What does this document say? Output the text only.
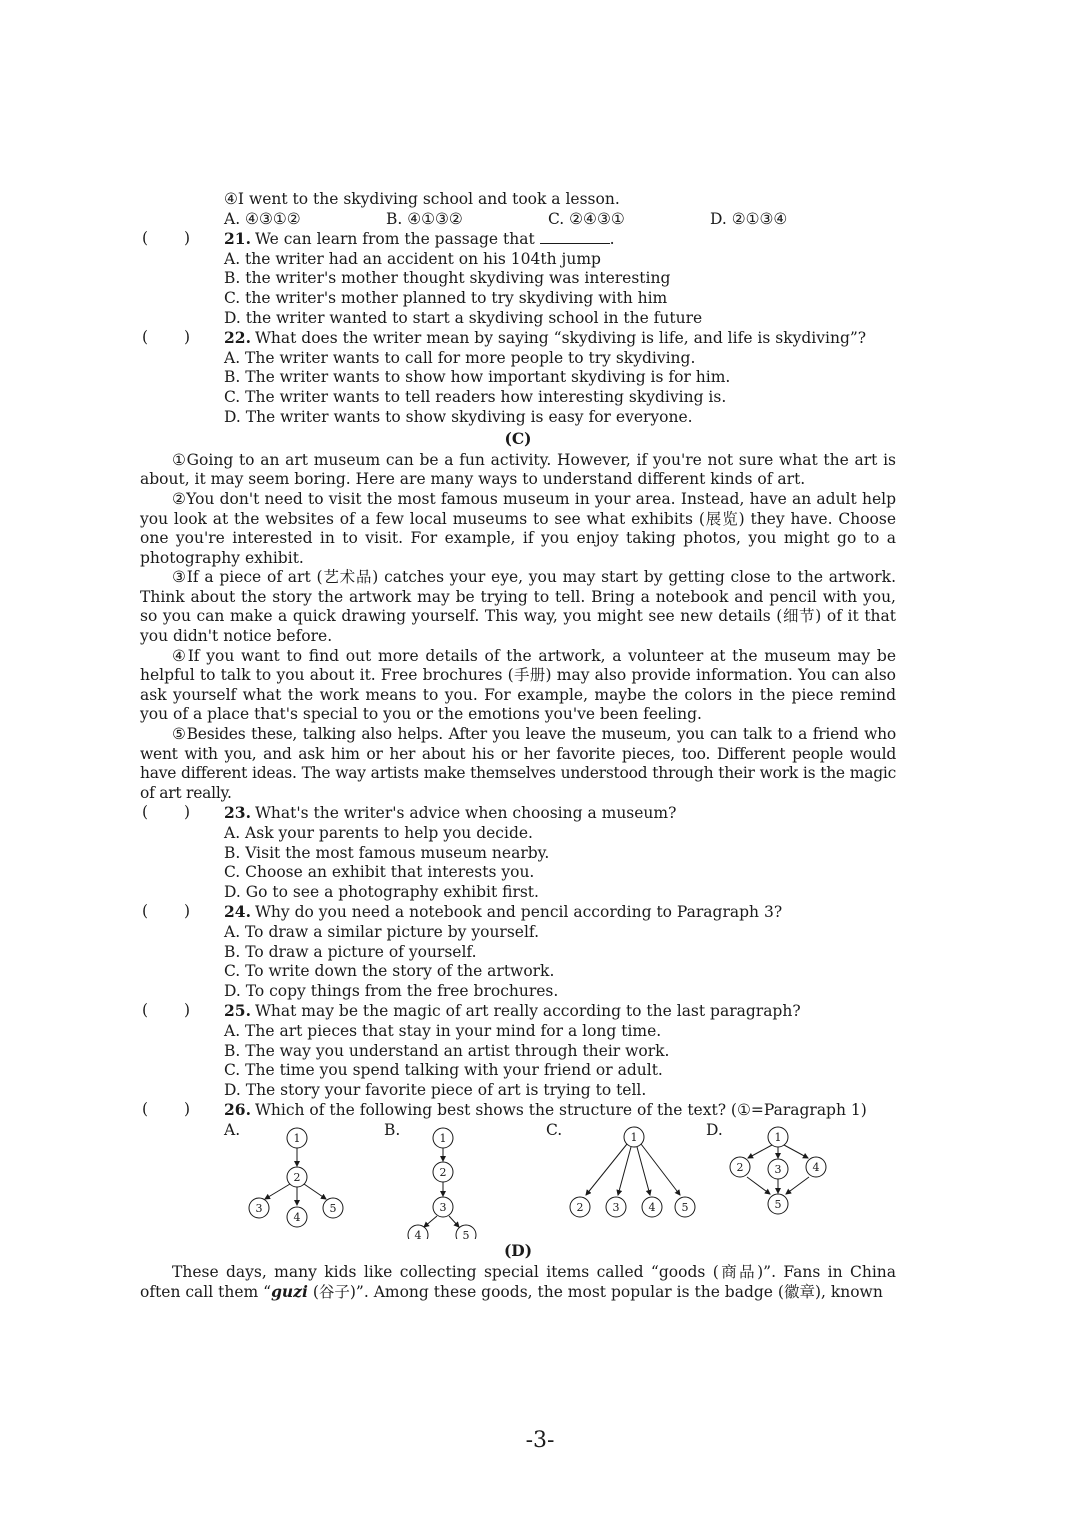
④I went to the skydiving school and took a lesson.
A. ④③①②	B. ④①③②	C. ②④③①	D. ②①③④
( ) 21. We can learn from the passage that	.
A. the writer had an accident on his 104th jump
B. the writer's mother thought skydiving was interesting
C. the writer's mother planned to try skydiving with him
D. the writer wanted to start a skydiving school in the future
( ) 22. What does the writer mean by saying “skydiving is life, and life is skydiving”?
A. The writer wants to call for more people to try skydiving.
B. The writer wants to show how important skydiving is for him.
C. The writer wants to tell readers how interesting skydiving is.
D. The writer wants to show skydiving is easy for everyone.
(C)

①Going to an art museum can be a fun activity. However, if you're not sure what the art is about, it may seem boring. Here are many ways to understand different kinds of art.

②You don't need to visit the most famous museum in your area. Instead, have an adult help you look at the websites of a few local museums to see what exhibits (展览) they have. Choose one you're interested in to visit. For example, if you enjoy taking photos, you might go to a photography exhibit.

③If a piece of art (艺术品) catches your eye, you may start by getting close to the artwork. Think about the story the artwork may be trying to tell. Bring a notebook and pencil with you, so you can make a quick drawing yourself. This way, you might see new details (细节) of it that you didn't notice before.

④If you want to find out more details of the artwork, a volunteer at the museum may be helpful to talk to you about it. Free brochures (手册) may also provide information. You can also ask yourself what the work means to you. For example, maybe the colors in the piece remind you of a place that's special to you or the emotions you've been feeling.

⑤Besides these, talking also helps. After you leave the museum, you can talk to a friend who went with you, and ask him or her about his or her favorite pieces, too. Different people would have different ideas. The way artists make themselves understood through their work is the magic of art really.

( ) 23. What's the writer's advice when choosing a museum?
A. Ask your parents to help you decide.
B. Visit the most famous museum nearby.
C. Choose an exhibit that interests you.
D. Go to see a photography exhibit first.
( ) 24. Why do you need a notebook and pencil according to Paragraph 3?
A. To draw a similar picture by yourself.
B. To draw a picture of yourself.
C. To write down the story of the artwork.
D. To copy things from the free brochures.
( ) 25. What may be the magic of art really according to the last paragraph?
A. The art pieces that stay in your mind for a long time.
B. The way you understand an artist through their work.
C. The time you spend talking with your friend or adult.
D. The story your favorite piece of art is trying to tell.
( ) 26. Which of the following best shows the structure of the text? (①=Paragraph 1)
A.	B.	C.	D.
1
2
3
4
5
1
2
3
4	5
1
2	3	4 5
1
2	3	4
5
(D)

These days, many kids like collecting special items called “goods (商品)”. Fans in China often call them “guzi (谷子)”. Among these goods, the most popular is the badge (徽章), known

-3-
